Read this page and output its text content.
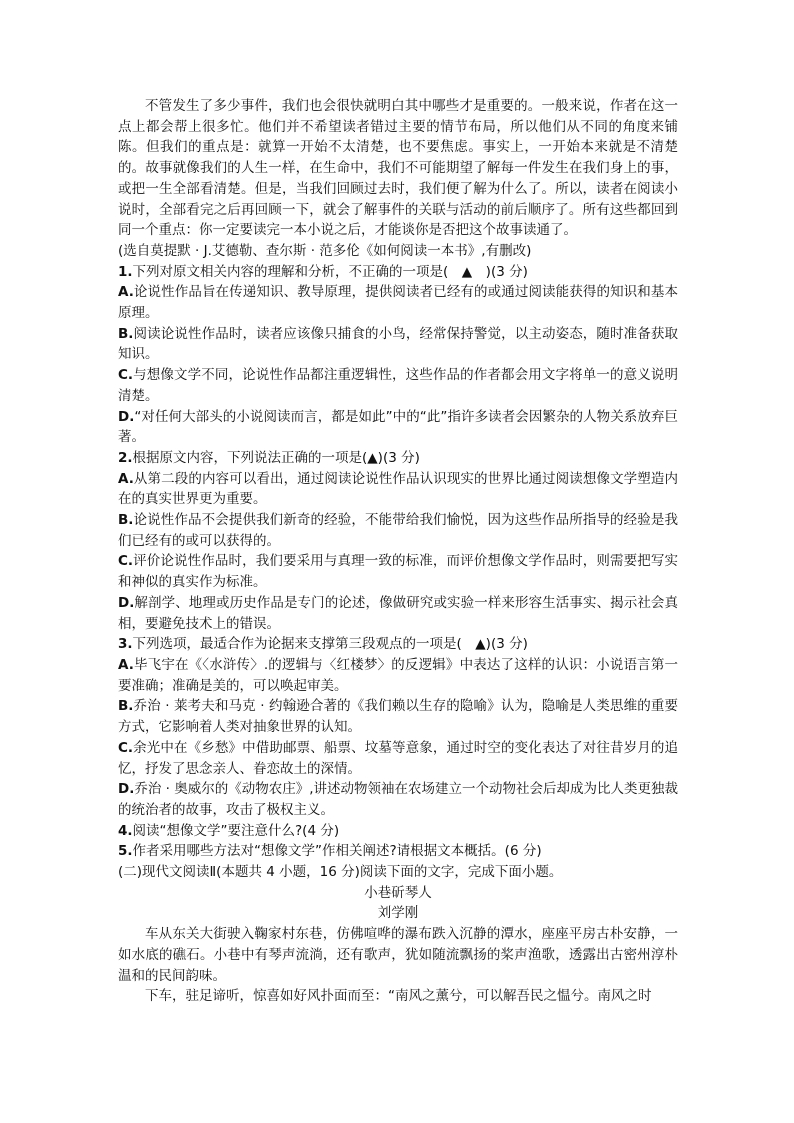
不管发生了多少事件，我们也会很快就明白其中哪些才是重要的。一般来说，作者在这一点上都会帮上很多忙。他们并不希望读者错过主要的情节布局，所以他们从不同的角度来铺陈。但我们的重点是：就算一开始不太清楚，也不要焦虑。事实上，一开始本来就是不清楚的。故事就像我们的人生一样，在生命中，我们不可能期望了解每一件发生在我们身上的事，或把一生全部看清楚。但是，当我们回顾过去时，我们便了解为什么了。所以，读者在阅读小说时，全部看完之后再回顾一下，就会了解事件的关联与活动的前后顺序了。所有这些都回到同一个重点：你一定要读完一本小说之后，才能谈你是否把这个故事读通了。

(选自莫提默 · J.艾德勒、查尔斯 · 范多伦《如何阅读一本书》,有删改)

1.下列对原文相关内容的理解和分析，不正确的一项是(　▲　)(3 分)

A.论说性作品旨在传递知识、教导原理，提供阅读者已经有的或通过阅读能获得的知识和基本原理。

B.阅读论说性作品时，读者应该像只捕食的小鸟，经常保持警觉，以主动姿态，随时准备获取知识。

C.与想像文学不同，论说性作品都注重逻辑性，这些作品的作者都会用文字将单一的意义说明清楚。

D.“对任何大部头的小说阅读而言，都是如此”中的“此”指许多读者会因繁杂的人物关系放弃巨著。

2.根据原文内容，下列说法正确的一项是(▲)(3 分)

A.从第二段的内容可以看出，通过阅读论说性作品认识现实的世界比通过阅读想像文学塑造内在的真实世界更为重要。

B.论说性作品不会提供我们新奇的经验，不能带给我们愉悦，因为这些作品所指导的经验是我们已经有的或可以获得的。

C.评价论说性作品时，我们要采用与真理一致的标准，而评价想像文学作品时，则需要把写实和神似的真实作为标准。

D.解剖学、地理或历史作品是专门的论述，像做研究或实验一样来形容生活事实、揭示社会真相，要避免技术上的错误。

3.下列选项，最适合作为论据来支撑第三段观点的一项是(　▲)(3 分)

A.毕飞宇在《〈水浒传〉.的逻辑与〈红楼梦〉的反逻辑》中表达了这样的认识：小说语言第一要准确；准确是美的，可以唤起审美。

B.乔治 · 莱考夫和马克 · 约翰逊合著的《我们赖以生存的隐喻》认为，隐喻是人类思维的重要方式，它影响着人类对抽象世界的认知。

C.余光中在《乡愁》中借助邮票、船票、坟墓等意象，通过时空的变化表达了对往昔岁月的追忆，抒发了思念亲人、眷恋故土的深情。

D.乔治 · 奥威尔的《动物农庄》,讲述动物领袖在农场建立一个动物社会后却成为比人类更独裁的统治者的故事，攻击了极权主义。

4.阅读“想像文学”要注意什么?(4 分)

5.作者采用哪些方法对“想像文学”作相关阐述?请根据文本概括。(6 分)

(二)现代文阅读Ⅱ(本题共 4 小题，16 分)阅读下面的文字，完成下面小题。

小巷斫琴人

刘学刚

车从东关大街驶入鞠家村东巷，仿佛喧哗的瀑布跌入沉静的潭水，座座平房古朴安静，一如水底的礁石。小巷中有琴声流淌，还有歌声，犹如随流飘扬的桨声渔歌，透露出古密州淳朴温和的民间韵味。

下车，驻足谛听，惊喜如好风扑面而至：“南风之薰兮，可以解吾民之愠兮。南风之时
